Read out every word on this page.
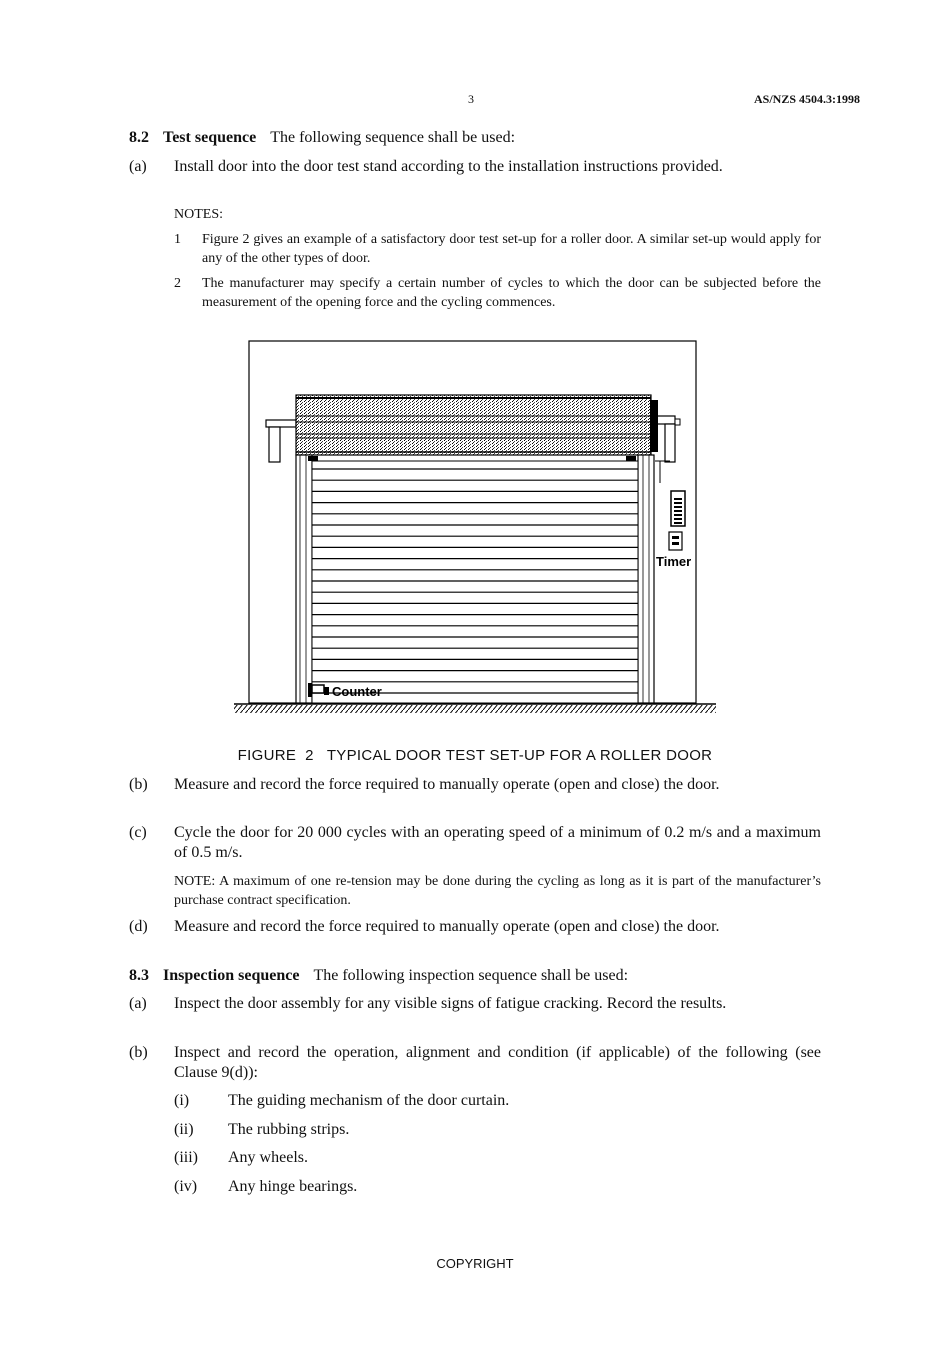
3	AS/NZS 4504.3:1998
8.2 Test sequence The following sequence shall be used:
(a) Install door into the door test stand according to the installation instructions provided.
NOTES:
1 Figure 2 gives an example of a satisfactory door test set-up for a roller door. A similar set-up would apply for any of the other types of door.
2 The manufacturer may specify a certain number of cycles to which the door can be subjected before the measurement of the opening force and the cycling commences.
Timer
Counter
FIGURE  2   TYPICAL DOOR TEST SET-UP FOR A ROLLER DOOR
(b) Measure and record the force required to manually operate (open and close) the door.
(c) Cycle the door for 20 000 cycles with an operating speed of a minimum of 0.2 m/s and a maximum of 0.5 m/s.
NOTE: A maximum of one re-tension may be done during the cycling as long as it is part of the manufacturer’s purchase contract specification.
(d) Measure and record the force required to manually operate (open and close) the door.
8.3 Inspection sequence The following inspection sequence shall be used:
(a) Inspect the door assembly for any visible signs of fatigue cracking. Record the results.
(b) Inspect and record the operation, alignment and condition (if applicable) of the following (see Clause 9(d)):
(i) The guiding mechanism of the door curtain.
(ii) The rubbing strips.
(iii) Any wheels.
(iv) Any hinge bearings.
COPYRIGHT
